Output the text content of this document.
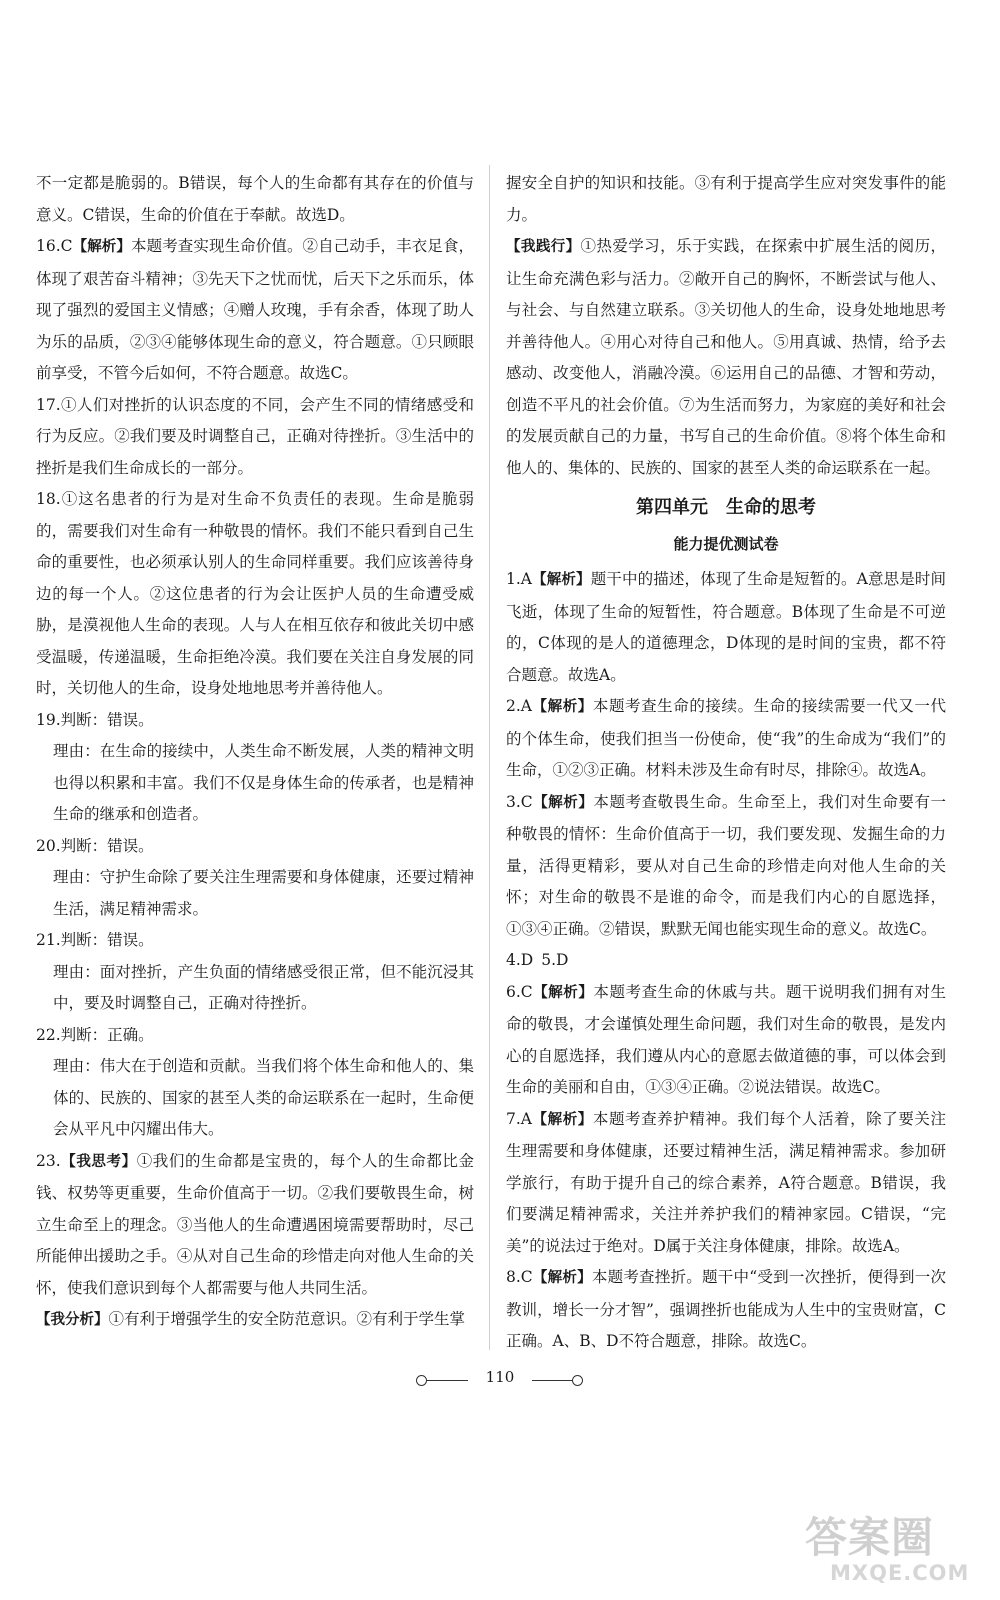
不一定都是脆弱的。B错误，每个人的生命都有其存在的价值与意义。C错误，生命的价值在于奉献。故选D。

16.C【解析】本题考查实现生命价值。②自己动手，丰衣足食，体现了艰苦奋斗精神；③先天下之忧而忧，后天下之乐而乐，体现了强烈的爱国主义情感；④赠人玫瑰，手有余香，体现了助人为乐的品质，②③④能够体现生命的意义，符合题意。①只顾眼前享受，不管今后如何，不符合题意。故选C。

17.①人们对挫折的认识态度的不同，会产生不同的情绪感受和行为反应。②我们要及时调整自己，正确对待挫折。③生活中的挫折是我们生命成长的一部分。

18.①这名患者的行为是对生命不负责任的表现。生命是脆弱的，需要我们对生命有一种敬畏的情怀。我们不能只看到自己生命的重要性，也必须承认别人的生命同样重要。我们应该善待身边的每一个人。②这位患者的行为会让医护人员的生命遭受威胁，是漠视他人生命的表现。人与人在相互依存和彼此关切中感受温暖，传递温暖，生命拒绝冷漠。我们要在关注自身发展的同时，关切他人的生命，设身处地地思考并善待他人。

19.判断：错误。

理由：在生命的接续中，人类生命不断发展，人类的精神文明也得以积累和丰富。我们不仅是身体生命的传承者，也是精神生命的继承和创造者。

20.判断：错误。

理由：守护生命除了要关注生理需要和身体健康，还要过精神生活，满足精神需求。

21.判断：错误。

理由：面对挫折，产生负面的情绪感受很正常，但不能沉浸其中，要及时调整自己，正确对待挫折。

22.判断：正确。

理由：伟大在于创造和贡献。当我们将个体生命和他人的、集体的、民族的、国家的甚至人类的命运联系在一起时，生命便会从平凡中闪耀出伟大。

23.【我思考】①我们的生命都是宝贵的，每个人的生命都比金钱、权势等更重要，生命价值高于一切。②我们要敬畏生命，树立生命至上的理念。③当他人的生命遭遇困境需要帮助时，尽己所能伸出援助之手。④从对自己生命的珍惜走向对他人生命的关怀，使我们意识到每个人都需要与他人共同生活。

【我分析】①有利于增强学生的安全防范意识。②有利于学生掌

握安全自护的知识和技能。③有利于提高学生应对突发事件的能力。

【我践行】①热爱学习，乐于实践，在探索中扩展生活的阅历，让生命充满色彩与活力。②敞开自己的胸怀，不断尝试与他人、与社会、与自然建立联系。③关切他人的生命，设身处地地思考并善待他人。④用心对待自己和他人。⑤用真诚、热情，给予去感动、改变他人，消融冷漠。⑥运用自己的品德、才智和劳动，创造不平凡的社会价值。⑦为生活而努力，为家庭的美好和社会的发展贡献自己的力量，书写自己的生命价值。⑧将个体生命和他人的、集体的、民族的、国家的甚至人类的命运联系在一起。

第四单元　生命的思考
能力提优测试卷

1.A【解析】题干中的描述，体现了生命是短暂的。A意思是时间飞逝，体现了生命的短暂性，符合题意。B体现了生命是不可逆的，C体现的是人的道德理念，D体现的是时间的宝贵，都不符合题意。故选A。

2.A【解析】本题考查生命的接续。生命的接续需要一代又一代的个体生命，使我们担当一份使命，使“我”的生命成为“我们”的生命，①②③正确。材料未涉及生命有时尽，排除④。故选A。

3.C【解析】本题考查敬畏生命。生命至上，我们对生命要有一种敬畏的情怀：生命价值高于一切，我们要发现、发掘生命的力量，活得更精彩，要从对自己生命的珍惜走向对他人生命的关怀；对生命的敬畏不是谁的命令，而是我们内心的自愿选择，①③④正确。②错误，默默无闻也能实现生命的意义。故选C。

4.D 5.D

6.C【解析】本题考查生命的休戚与共。题干说明我们拥有对生命的敬畏，才会谨慎处理生命问题，我们对生命的敬畏，是发内心的自愿选择，我们遵从内心的意愿去做道德的事，可以体会到生命的美丽和自由，①③④正确。②说法错误。故选C。

7.A【解析】本题考查养护精神。我们每个人活着，除了要关注生理需要和身体健康，还要过精神生活，满足精神需求。参加研学旅行，有助于提升自己的综合素养，A符合题意。B错误，我们要满足精神需求，关注并养护我们的精神家园。C错误，“完美”的说法过于绝对。D属于关注身体健康，排除。故选A。

8.C【解析】本题考查挫折。题干中“受到一次挫折，便得到一次教训，增长一分才智”，强调挫折也能成为人生中的宝贵财富，C正确。A、B、D不符合题意，排除。故选C。

110
答案圈
MXQE.COM
